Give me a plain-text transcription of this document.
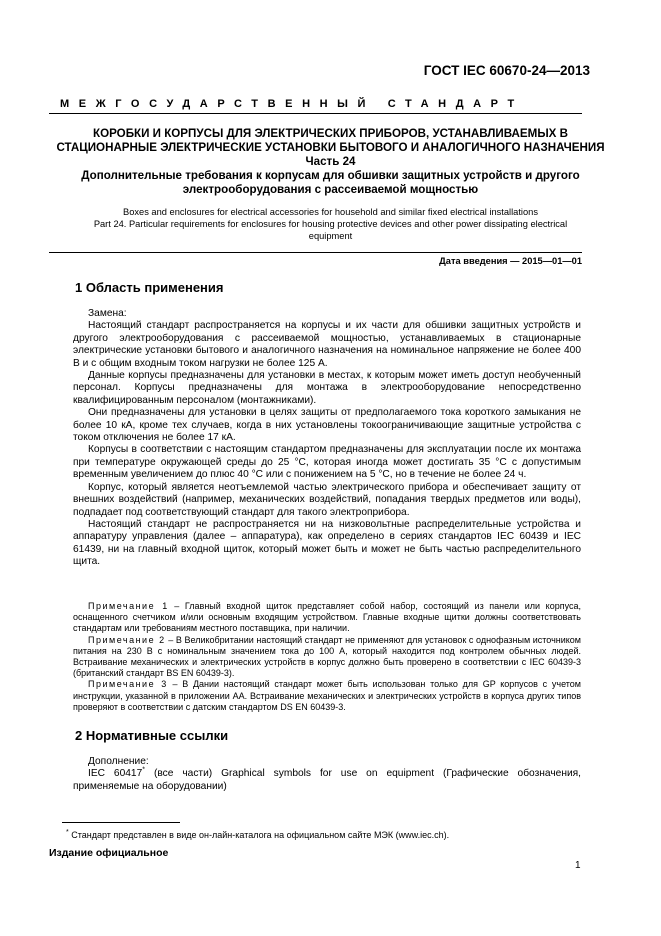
ГОСТ IEC 60670-24—2013
МЕЖГОСУДАРСТВЕННЫЙ СТАНДАРТ
КОРОБКИ И КОРПУСЫ ДЛЯ ЭЛЕКТРИЧЕСКИХ ПРИБОРОВ, УСТАНАВЛИВАЕМЫХ В
СТАЦИОНАРНЫЕ ЭЛЕКТРИЧЕСКИЕ УСТАНОВКИ БЫТОВОГО И АНАЛОГИЧНОГО НАЗНАЧЕНИЯ
Часть 24
Дополнительные требования к корпусам для обшивки защитных устройств и другого
электрооборудования с рассеиваемой мощностью
Boxes and enclosures for electrical accessories for household and similar fixed electrical installations
Part 24. Particular requirements for enclosures for housing protective devices and other power dissipating electrical
equipment
Дата введения — 2015—01—01
1 Область применения

Замена:

Настоящий стандарт распространяется на корпусы и их части для обшивки защитных устройств и другого электрооборудования с рассеиваемой мощностью, устанавливаемых в стационарные электрические установки бытового и аналогичного назначения на номинальное напряжение не более 400 В и с общим входным током нагрузки не более 125 А.

Данные корпусы предназначены для установки в местах, к которым может иметь доступ необученный персонал. Корпусы предназначены для монтажа в электрооборудование непосредственно квалифицированным персоналом (монтажниками).

Они предназначены для установки в целях защиты от предполагаемого тока короткого замыкания не более 10 кА, кроме тех случаев, когда в них установлены токоограничивающие защитные устройства с током отключения не более 17 кА.

Корпусы в соответствии с настоящим стандартом предназначены для эксплуатации после их монтажа при температуре окружающей среды до 25 °С, которая иногда может достигать 35 °С с допустимым временным увеличением до плюс 40 °С или с понижением на 5 °С, но в течение не более 24 ч.

Корпус, который является неотъемлемой частью электрического прибора и обеспечивает защиту от внешних воздействий (например, механических воздействий, попадания твердых предметов или воды), подпадает под соответствующий стандарт для такого электроприбора.

Настоящий стандарт не распространяется ни на низковольтные распределительные устройства и аппаратуру управления (далее – аппаратура), как определено в сериях стандартов IEC 60439 и IEC 61439, ни на главный входной щиток, который может быть и может не быть частью распределительного щита.

Примечание 1 – Главный входной щиток представляет собой набор, состоящий из панели или корпуса, оснащенного счетчиком и/или основным входящим устройством. Главные входные щитки должны соответствовать стандартам или требованиям местного поставщика, при наличии.

Примечание 2 – В Великобритании настоящий стандарт не применяют для установок с однофазным источником питания на 230 В с номинальным значением тока до 100 А, который находится под контролем обычных людей. Встраивание механических и электрических устройств в корпус должно быть проверено в соответствии с IEC 60439-3 (британский стандарт BS EN 60439-3).

Примечание 3 – В Дании настоящий стандарт может быть использован только для GP корпусов с учетом инструкции, указанной в приложении АА. Встраивание механических и электрических устройств в корпуса других типов проверяют в соответствии с датским стандартом DS EN 60439-3.

2 Нормативные ссылки

Дополнение:

IEC 60417* (все части) Graphical symbols for use on equipment (Графические обозначения, применяемые на оборудовании)

* Стандарт представлен в виде он-лайн-каталога на официальном сайте МЭК (www.iec.ch).
Издание официальное
1
